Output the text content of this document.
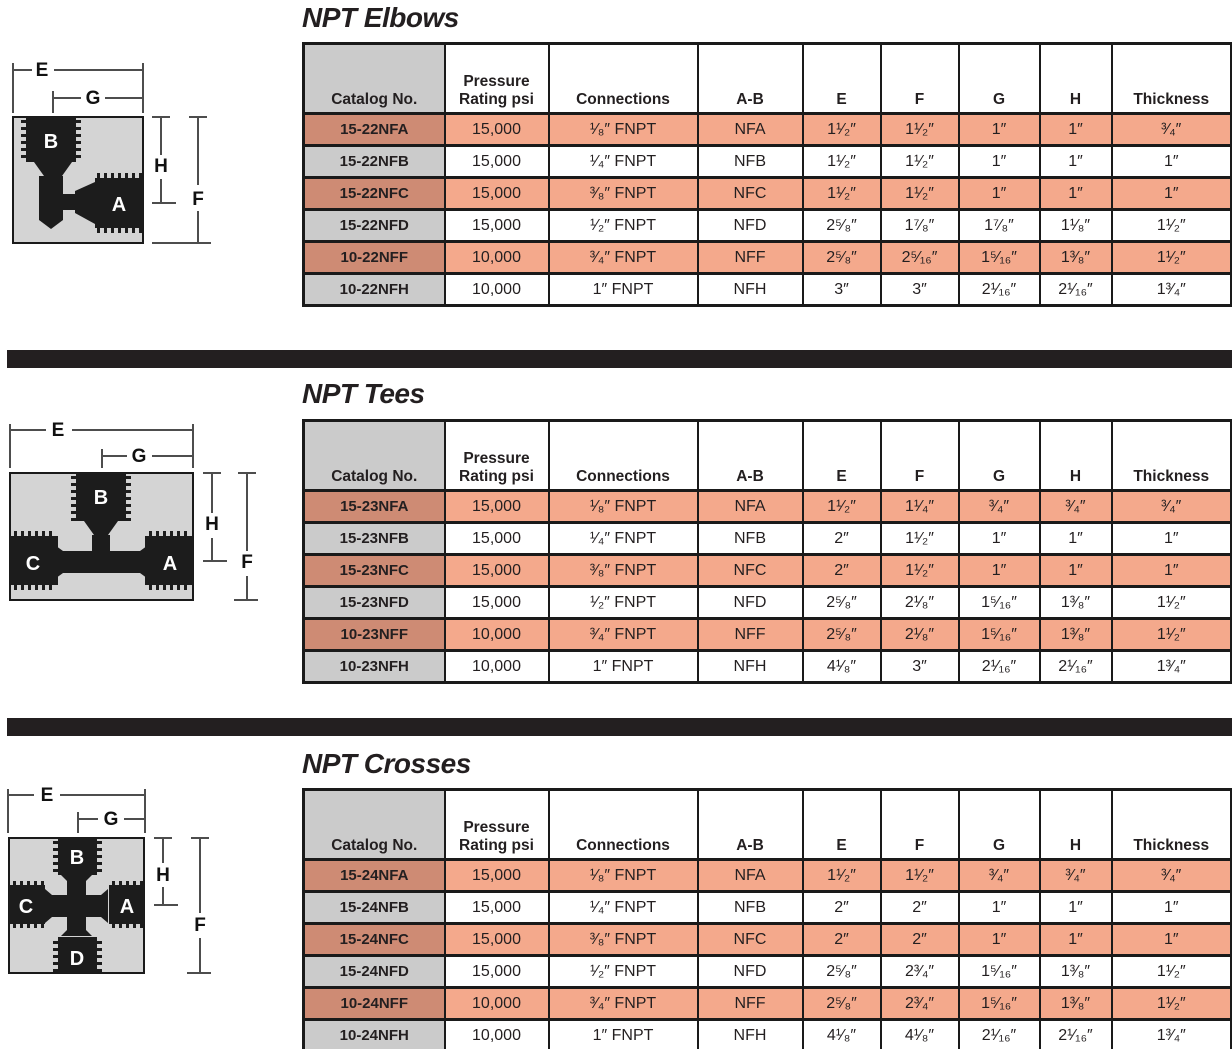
E
G
H
F
B
A
NPT Elbows
Catalog No.	Pressure Rating psi	Connections	A-B	E	F	G	H	Thickness
15-22NFA	15,000	¹⁄₈″ FNPT	NFA	1¹⁄₂″	1¹⁄₂″	1″	1″	³⁄₄″
15-22NFB	15,000	¹⁄₄″ FNPT	NFB	1¹⁄₂″	1¹⁄₂″	1″	1″	1″
15-22NFC	15,000	³⁄₈″ FNPT	NFC	1¹⁄₂″	1¹⁄₂″	1″	1″	1″
15-22NFD	15,000	¹⁄₂″ FNPT	NFD	2⁵⁄₈″	1⁷⁄₈″	1⁷⁄₈″	1¹⁄₈″	1¹⁄₂″
10-22NFF	10,000	³⁄₄″ FNPT	NFF	2⁵⁄₈″	2⁵⁄₁₆″	1⁵⁄₁₆″	1³⁄₈″	1¹⁄₂″
10-22NFH	10,000	1″ FNPT	NFH	3″	3″	2¹⁄₁₆″	2¹⁄₁₆″	1³⁄₄″
E
G
H
F
B
C	A
NPT Tees
Catalog No.	Pressure Rating psi	Connections	A-B	E	F	G	H	Thickness
15-23NFA	15,000	¹⁄₈″ FNPT	NFA	1¹⁄₂″	1¹⁄₄″	³⁄₄″	³⁄₄″	³⁄₄″
15-23NFB	15,000	¹⁄₄″ FNPT	NFB	2″	1¹⁄₂″	1″	1″	1″
15-23NFC	15,000	³⁄₈″ FNPT	NFC	2″	1¹⁄₂″	1″	1″	1″
15-23NFD	15,000	¹⁄₂″ FNPT	NFD	2⁵⁄₈″	2¹⁄₈″	1⁵⁄₁₆″	1³⁄₈″	1¹⁄₂″
10-23NFF	10,000	³⁄₄″ FNPT	NFF	2⁵⁄₈″	2¹⁄₈″	1⁵⁄₁₆″	1³⁄₈″	1¹⁄₂″
10-23NFH	10,000	1″ FNPT	NFH	4¹⁄₈″	3″	2¹⁄₁₆″	2¹⁄₁₆″	1³⁄₄″
E
G
H
F
B
C	A
D
NPT Crosses
Catalog No.	Pressure Rating psi	Connections	A-B	E	F	G	H	Thickness
15-24NFA	15,000	¹⁄₈″ FNPT	NFA	1¹⁄₂″	1¹⁄₂″	³⁄₄″	³⁄₄″	³⁄₄″
15-24NFB	15,000	¹⁄₄″ FNPT	NFB	2″	2″	1″	1″	1″
15-24NFC	15,000	³⁄₈″ FNPT	NFC	2″	2″	1″	1″	1″
15-24NFD	15,000	¹⁄₂″ FNPT	NFD	2⁵⁄₈″	2³⁄₄″	1⁵⁄₁₆″	1³⁄₈″	1¹⁄₂″
10-24NFF	10,000	³⁄₄″ FNPT	NFF	2⁵⁄₈″	2³⁄₄″	1⁵⁄₁₆″	1³⁄₈″	1¹⁄₂″
10-24NFH	10,000	1″ FNPT	NFH	4¹⁄₈″	4¹⁄₈″	2¹⁄₁₆″	2¹⁄₁₆″	1³⁄₄″
